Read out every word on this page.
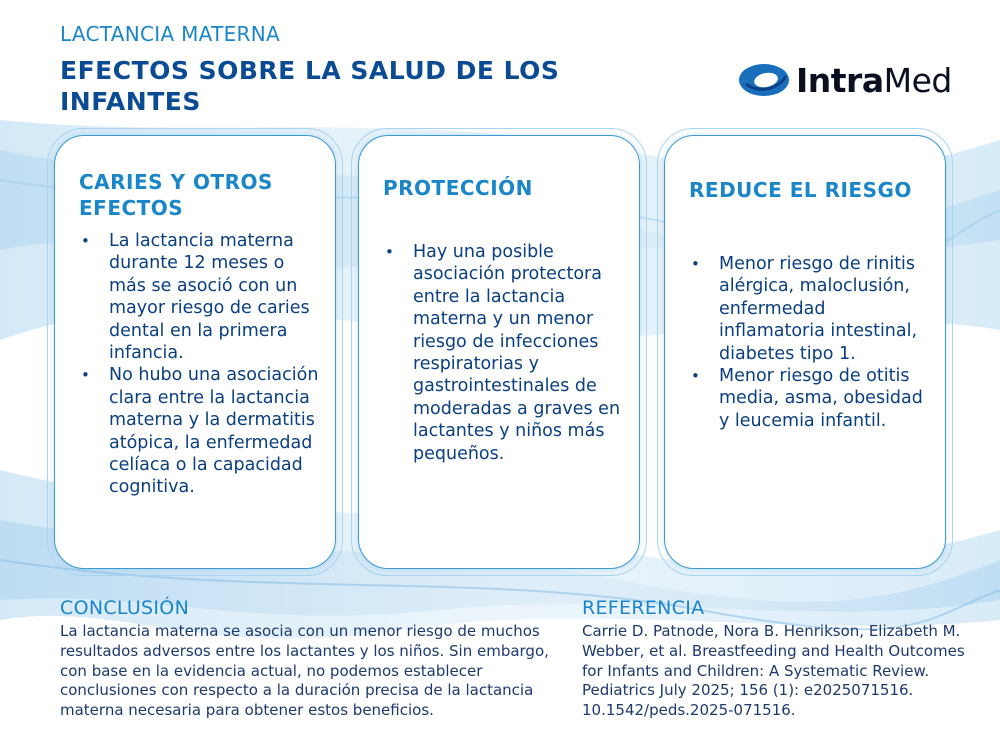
LACTANCIA MATERNA
EFECTOS SOBRE LA SALUD DE LOS INFANTES
IntraMed
CARIES Y OTROS EFECTOS
• La lactancia materna durante 12 meses o más se asoció con un mayor riesgo de caries dental en la primera infancia.
• No hubo una asociación clara entre la lactancia materna y la dermatitis atópica, la enfermedad celíaca o la capacidad cognitiva.
PROTECCIÓN
• Hay una posible asociación protectora entre la lactancia materna y un menor riesgo de infecciones respiratorias y gastrointestinales de moderadas a graves en lactantes y niños más pequeños.
REDUCE EL RIESGO
• Menor riesgo de rinitis alérgica, maloclusión, enfermedad inflamatoria intestinal, diabetes tipo 1.
• Menor riesgo de otitis media, asma, obesidad y leucemia infantil.
CONCLUSIÓN
La lactancia materna se asocia con un menor riesgo de muchos resultados adversos entre los lactantes y los niños. Sin embargo, con base en la evidencia actual, no podemos establecer conclusiones con respecto a la duración precisa de la lactancia materna necesaria para obtener estos beneficios.
REFERENCIA
Carrie D. Patnode, Nora B. Henrikson, Elizabeth M. Webber, et al. Breastfeeding and Health Outcomes for Infants and Children: A Systematic Review. Pediatrics July 2025; 156 (1): e2025071516. 10.1542/peds.2025-071516.
